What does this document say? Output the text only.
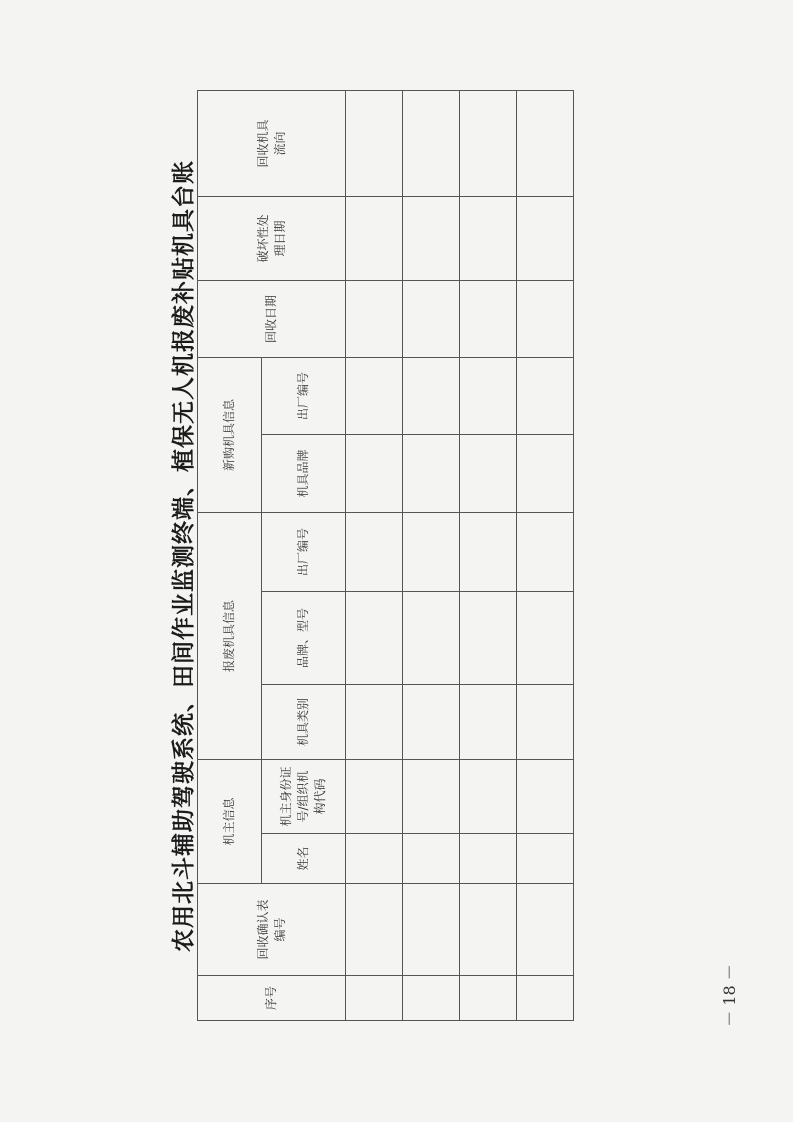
农用北斗辅助驾驶系统、田间作业监测终端、植保无人机报废补贴机具台账
序号	回收确认表编号	机主信息		报废机具信息			新购机具信息		回收日期	破坏性处理日期	回收机具流向
		姓名	机主身份证号/组织机构代码	机具类别	品牌、型号	出厂编号	机具品牌	出厂编号			

－ 18 －
